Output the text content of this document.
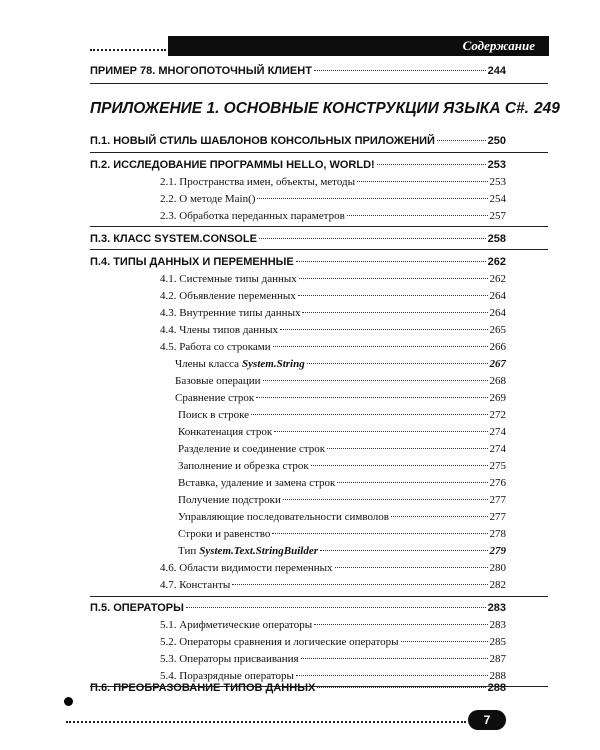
Содержание
ПРИМЕР 78. МНОГОПОТОЧНЫЙ КЛИЕНТ	244
ПРИЛОЖЕНИЕ 1. ОСНОВНЫЕ КОНСТРУКЦИИ ЯЗЫКА C#. 249
П.1. НОВЫЙ СТИЛЬ ШАБЛОНОВ КОНСОЛЬНЫХ ПРИЛОЖЕНИЙ	250
П.2. ИССЛЕДОВАНИЕ ПРОГРАММЫ HELLO, WORLD!	253
2.1. Пространства имен, объекты, методы	253
2.2. О методе Main()	254
2.3. Обработка переданных параметров	257
П.3. КЛАСС SYSTEM.CONSOLE	258
П.4. ТИПЫ ДАННЫХ И ПЕРЕМЕННЫЕ	262
4.1. Системные типы данных	262
4.2. Объявление переменных	264
4.3. Внутренние типы данных	264
4.4. Члены типов данных	265
4.5. Работа со строками	266
Члены класса System.String	267
Базовые операции	268
Сравнение строк	269
Поиск в строке	272
Конкатенация строк	274
Разделение и соединение строк	274
Заполнение и обрезка строк	275
Вставка, удаление и замена строк	276
Получение подстроки	277
Управляющие последовательности символов	277
Строки и равенство	278
Тип System.Text.StringBuilder	279
4.6. Области видимости переменных	280
4.7. Константы	282
П.5. ОПЕРАТОРЫ	283
5.1. Арифметические операторы	283
5.2. Операторы сравнения и логические операторы	285
5.3. Операторы присваивания	287
5.4. Поразрядные операторы	288
П.6. ПРЕОБРАЗОВАНИЕ ТИПОВ ДАННЫХ	288
7
